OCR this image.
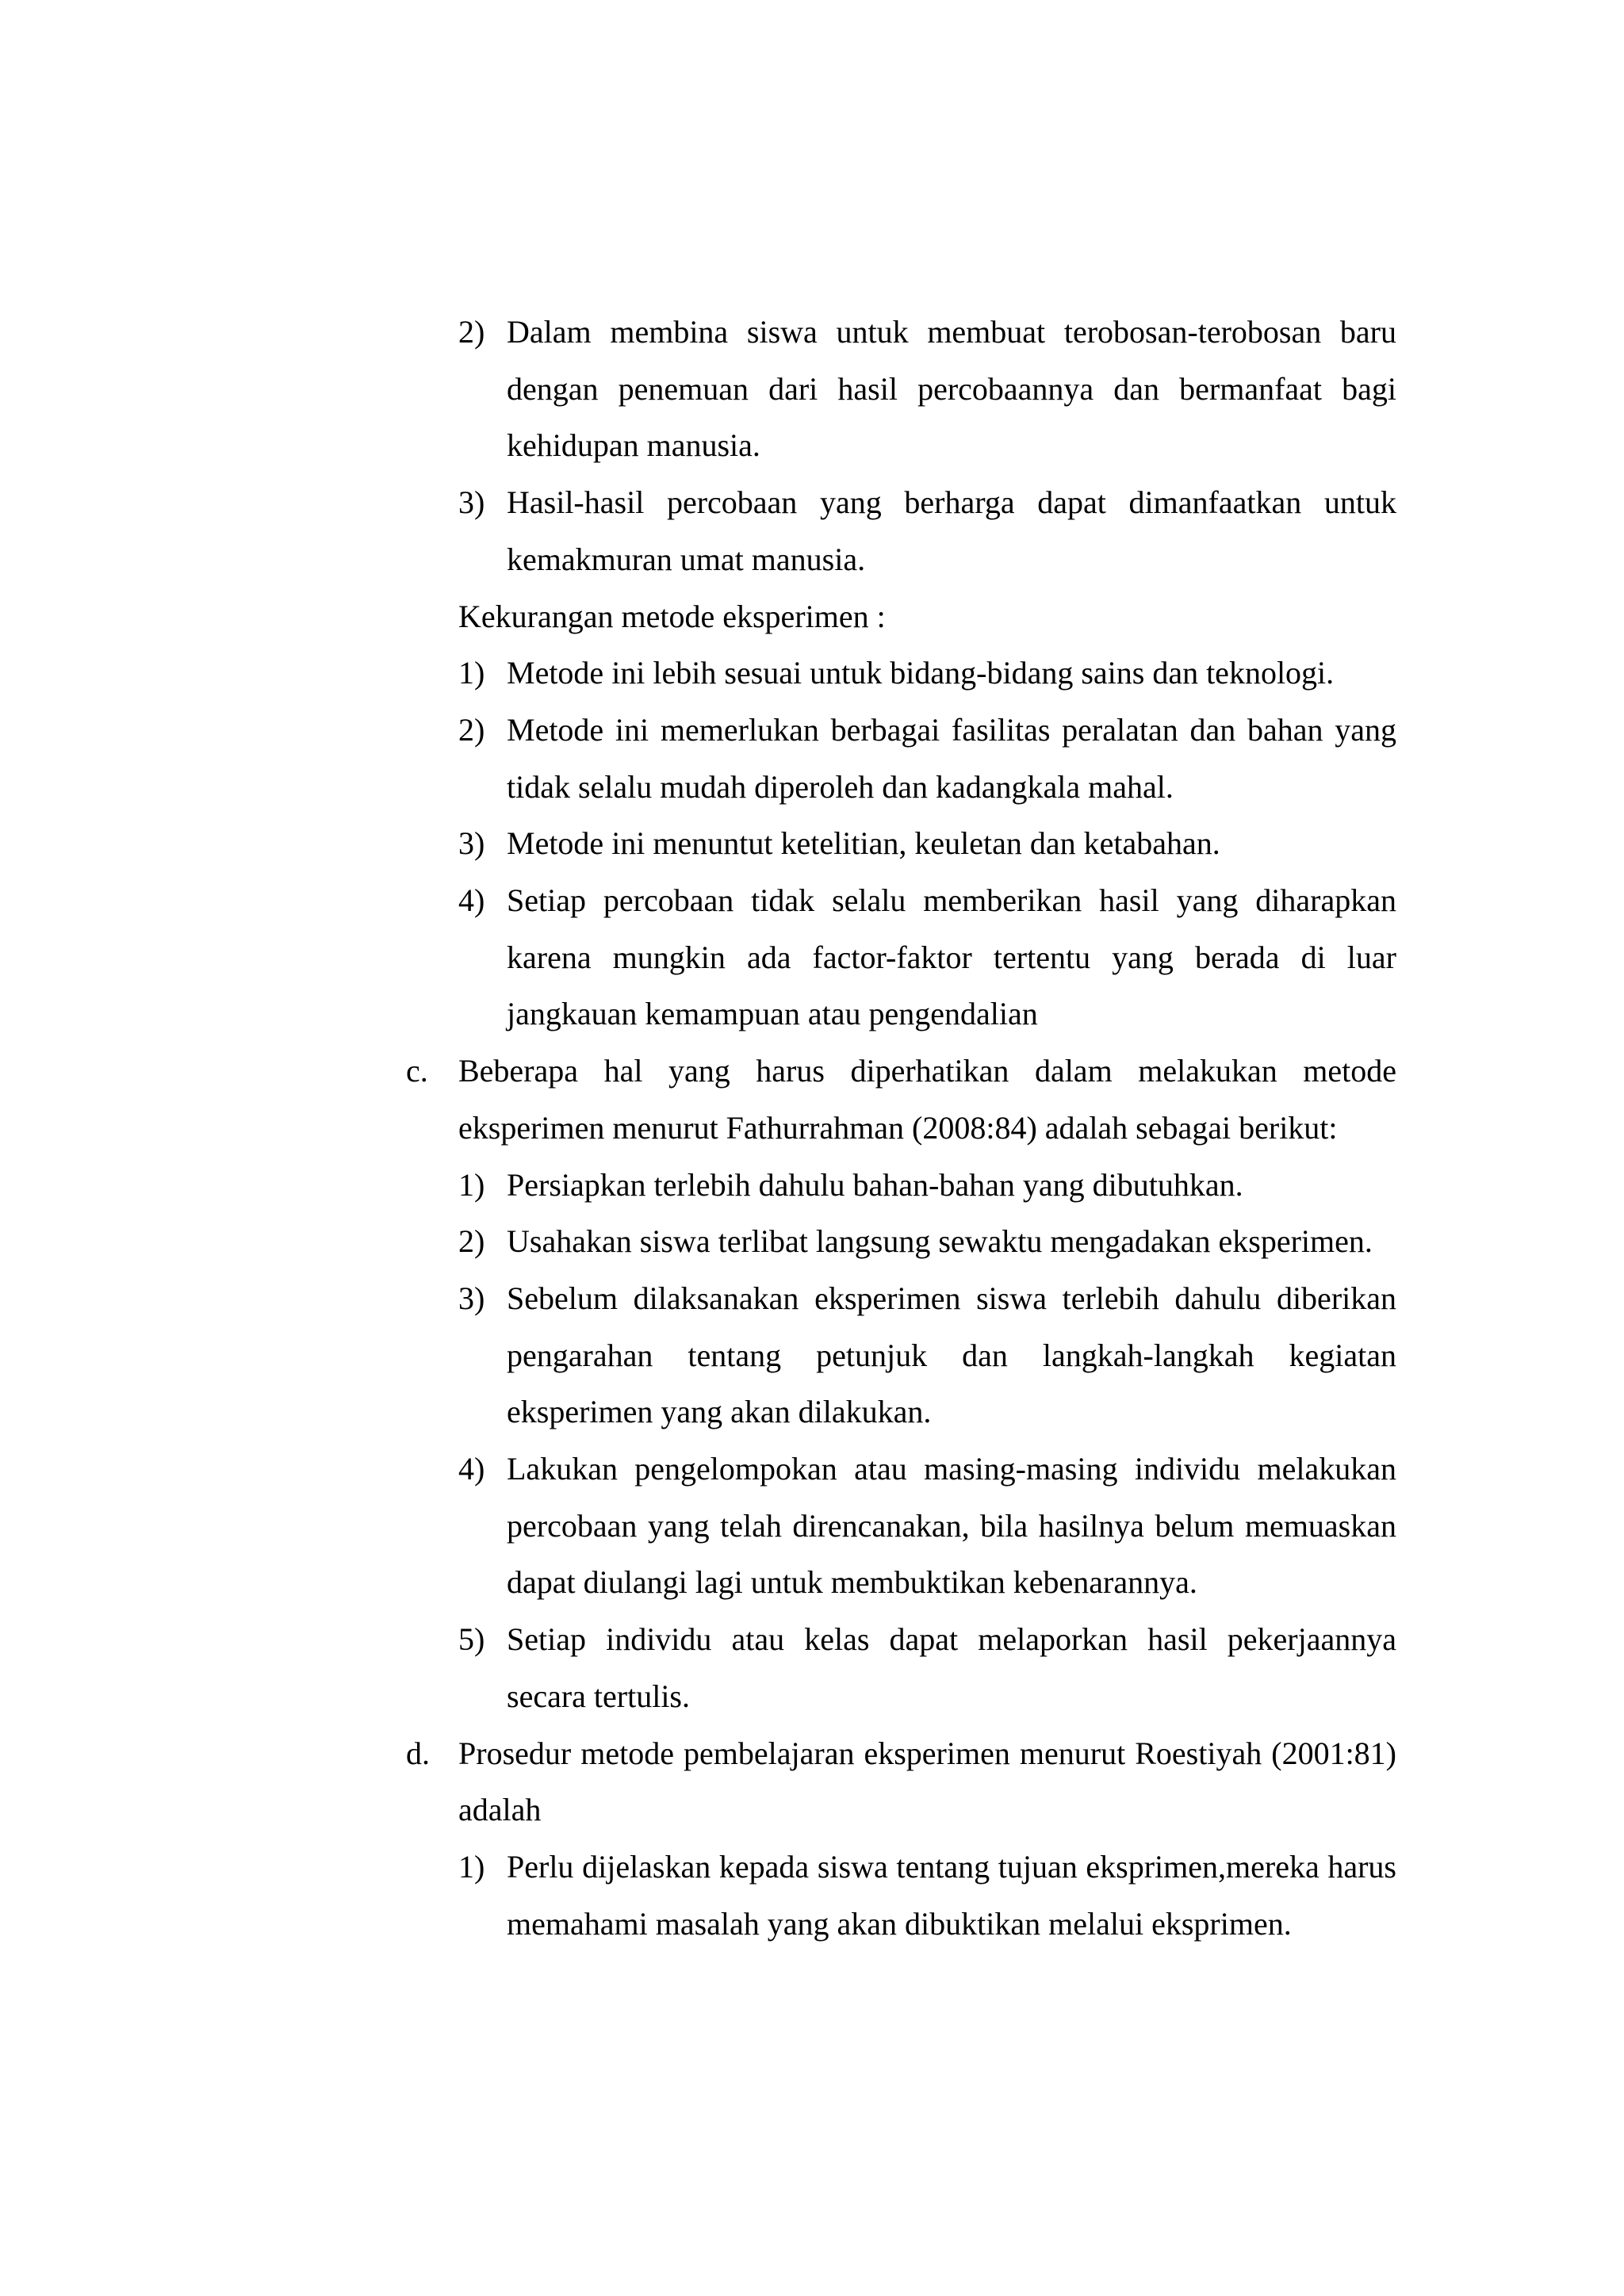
2) Dalam membina siswa untuk membuat terobosan-terobosan baru dengan penemuan dari hasil percobaannya dan bermanfaat bagi kehidupan manusia.
3) Hasil-hasil percobaan yang berharga dapat dimanfaatkan untuk kemakmuran umat manusia.
Kekurangan metode eksperimen :
1) Metode ini lebih sesuai untuk bidang-bidang sains dan teknologi.
2) Metode ini memerlukan berbagai fasilitas peralatan dan bahan yang tidak selalu mudah diperoleh dan kadangkala mahal.
3) Metode ini menuntut ketelitian, keuletan dan ketabahan.
4) Setiap percobaan tidak selalu memberikan hasil yang diharapkan karena mungkin ada factor-faktor tertentu yang berada di luar jangkauan kemampuan atau pengendalian
c. Beberapa hal yang harus diperhatikan dalam melakukan metode eksperimen menurut Fathurrahman (2008:84) adalah sebagai berikut:
1) Persiapkan terlebih dahulu bahan-bahan yang dibutuhkan.
2) Usahakan siswa terlibat langsung sewaktu mengadakan eksperimen.
3) Sebelum dilaksanakan eksperimen siswa terlebih dahulu diberikan pengarahan tentang petunjuk dan langkah-langkah kegiatan eksperimen yang akan dilakukan.
4) Lakukan pengelompokan atau masing-masing individu melakukan percobaan yang telah direncanakan, bila hasilnya belum memuaskan dapat diulangi lagi untuk membuktikan kebenarannya.
5) Setiap individu atau kelas dapat melaporkan hasil pekerjaannya secara tertulis.
d. Prosedur metode pembelajaran eksperimen menurut Roestiyah (2001:81) adalah
1) Perlu dijelaskan kepada siswa tentang tujuan eksprimen,mereka harus memahami masalah yang akan dibuktikan melalui eksprimen.
